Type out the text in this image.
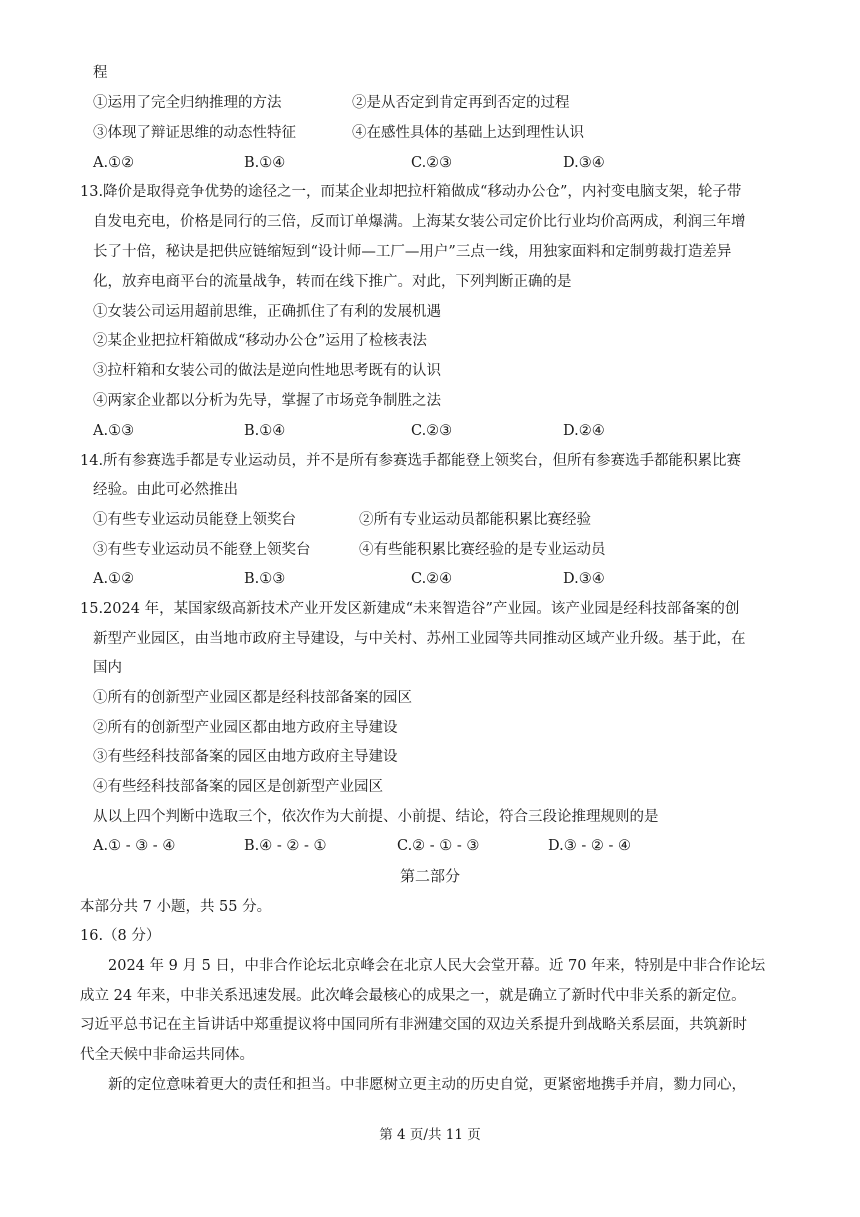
程
①运用了完全归纳推理的方法	②是从否定到肯定再到否定的过程
③体现了辩证思维的动态性特征	④在感性具体的基础上达到理性认识
A.①②	B.①④	C.②③	D.③④
13.降价是取得竞争优势的途径之一，而某企业却把拉杆箱做成“移动办公仓”，内衬变电脑支架，轮子带
自发电充电，价格是同行的三倍，反而订单爆满。上海某女装公司定价比行业均价高两成，利润三年增
长了十倍，秘诀是把供应链缩短到“设计师—工厂—用户”三点一线，用独家面料和定制剪裁打造差异
化，放弃电商平台的流量战争，转而在线下推广。对此，下列判断正确的是
①女装公司运用超前思维，正确抓住了有利的发展机遇
②某企业把拉杆箱做成“移动办公仓”运用了检核表法
③拉杆箱和女装公司的做法是逆向性地思考既有的认识
④两家企业都以分析为先导，掌握了市场竞争制胜之法
A.①③	B.①④	C.②③	D.②④
14.所有参赛选手都是专业运动员，并不是所有参赛选手都能登上领奖台，但所有参赛选手都能积累比赛
经验。由此可必然推出
①有些专业运动员能登上领奖台	②所有专业运动员都能积累比赛经验
③有些专业运动员不能登上领奖台	④有些能积累比赛经验的是专业运动员
A.①②	B.①③	C.②④	D.③④
15.2024 年，某国家级高新技术产业开发区新建成“未来智造谷”产业园。该产业园是经科技部备案的创
新型产业园区，由当地市政府主导建设，与中关村、苏州工业园等共同推动区域产业升级。基于此，在
国内
①所有的创新型产业园区都是经科技部备案的园区
②所有的创新型产业园区都由地方政府主导建设
③有些经科技部备案的园区由地方政府主导建设
④有些经科技部备案的园区是创新型产业园区
从以上四个判断中选取三个，依次作为大前提、小前提、结论，符合三段论推理规则的是
A.① - ③ - ④	B.④ - ② - ①	C.② - ① - ③	D.③ - ② - ④
第二部分
本部分共 7 小题，共 55 分。
16.（8 分）
2024 年 9 月 5 日，中非合作论坛北京峰会在北京人民大会堂开幕。近 70 年来，特别是中非合作论坛
成立 24 年来，中非关系迅速发展。此次峰会最核心的成果之一，就是确立了新时代中非关系的新定位。
习近平总书记在主旨讲话中郑重提议将中国同所有非洲建交国的双边关系提升到战略关系层面，共筑新时
代全天候中非命运共同体。
新的定位意味着更大的责任和担当。中非愿树立更主动的历史自觉，更紧密地携手并肩，勠力同心，
第 4 页/共 11 页
